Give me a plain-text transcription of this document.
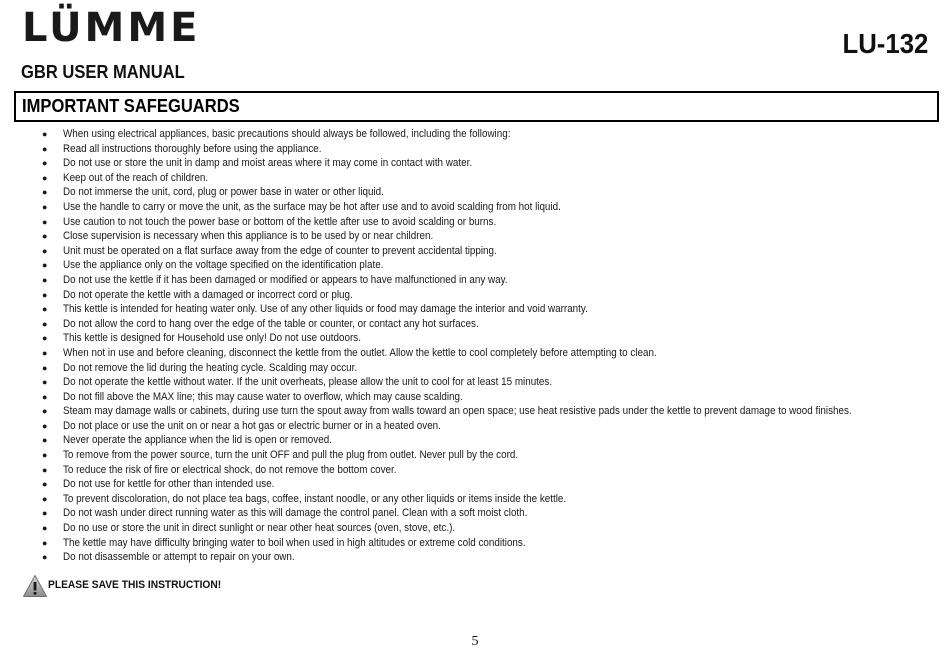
LÜMME	LU-132
GBR USER MANUAL
IMPORTANT SAFEGUARDS
● When using electrical appliances, basic precautions should always be followed, including the following:
● Read all instructions thoroughly before using the appliance.
● Do not use or store the unit in damp and moist areas where it may come in contact with water.
● Keep out of the reach of children.
● Do not immerse the unit, cord, plug or power base in water or other liquid.
● Use the handle to carry or move the unit, as the surface may be hot after use and to avoid scalding from hot liquid.
● Use caution to not touch the power base or bottom of the kettle after use to avoid scalding or burns.
● Close supervision is necessary when this appliance is to be used by or near children.
● Unit must be operated on a flat surface away from the edge of counter to prevent accidental tipping.
● Use the appliance only on the voltage specified on the identification plate.
● Do not use the kettle if it has been damaged or modified or appears to have malfunctioned in any way.
● Do not operate the kettle with a damaged or incorrect cord or plug.
● This kettle is intended for heating water only. Use of any other liquids or food may damage the interior and void warranty.
● Do not allow the cord to hang over the edge of the table or counter, or contact any hot surfaces.
● This kettle is designed for Household use only! Do not use outdoors.
● When not in use and before cleaning, disconnect the kettle from the outlet. Allow the kettle to cool completely before attempting to clean.
● Do not remove the lid during the heating cycle. Scalding may occur.
● Do not operate the kettle without water. If the unit overheats, please allow the unit to cool for at least 15 minutes.
● Do not fill above the MAX line; this may cause water to overflow, which may cause scalding.
● Steam may damage walls or cabinets, during use turn the spout away from walls toward an open space; use heat resistive pads under the kettle to prevent damage to wood finishes.
● Do not place or use the unit on or near a hot gas or electric burner or in a heated oven.
● Never operate the appliance when the lid is open or removed.
● To remove from the power source, turn the unit OFF and pull the plug from outlet. Never pull by the cord.
● To reduce the risk of fire or electrical shock, do not remove the bottom cover.
● Do not use for kettle for other than intended use.
● To prevent discoloration, do not place tea bags, coffee, instant noodle, or any other liquids or items inside the kettle.
● Do not wash under direct running water as this will damage the control panel. Clean with a soft moist cloth.
● Do no use or store the unit in direct sunlight or near other heat sources (oven, stove, etc.).
● The kettle may have difficulty bringing water to boil when used in high altitudes or extreme cold conditions.
● Do not disassemble or attempt to repair on your own.
PLEASE SAVE THIS INSTRUCTION!
5
